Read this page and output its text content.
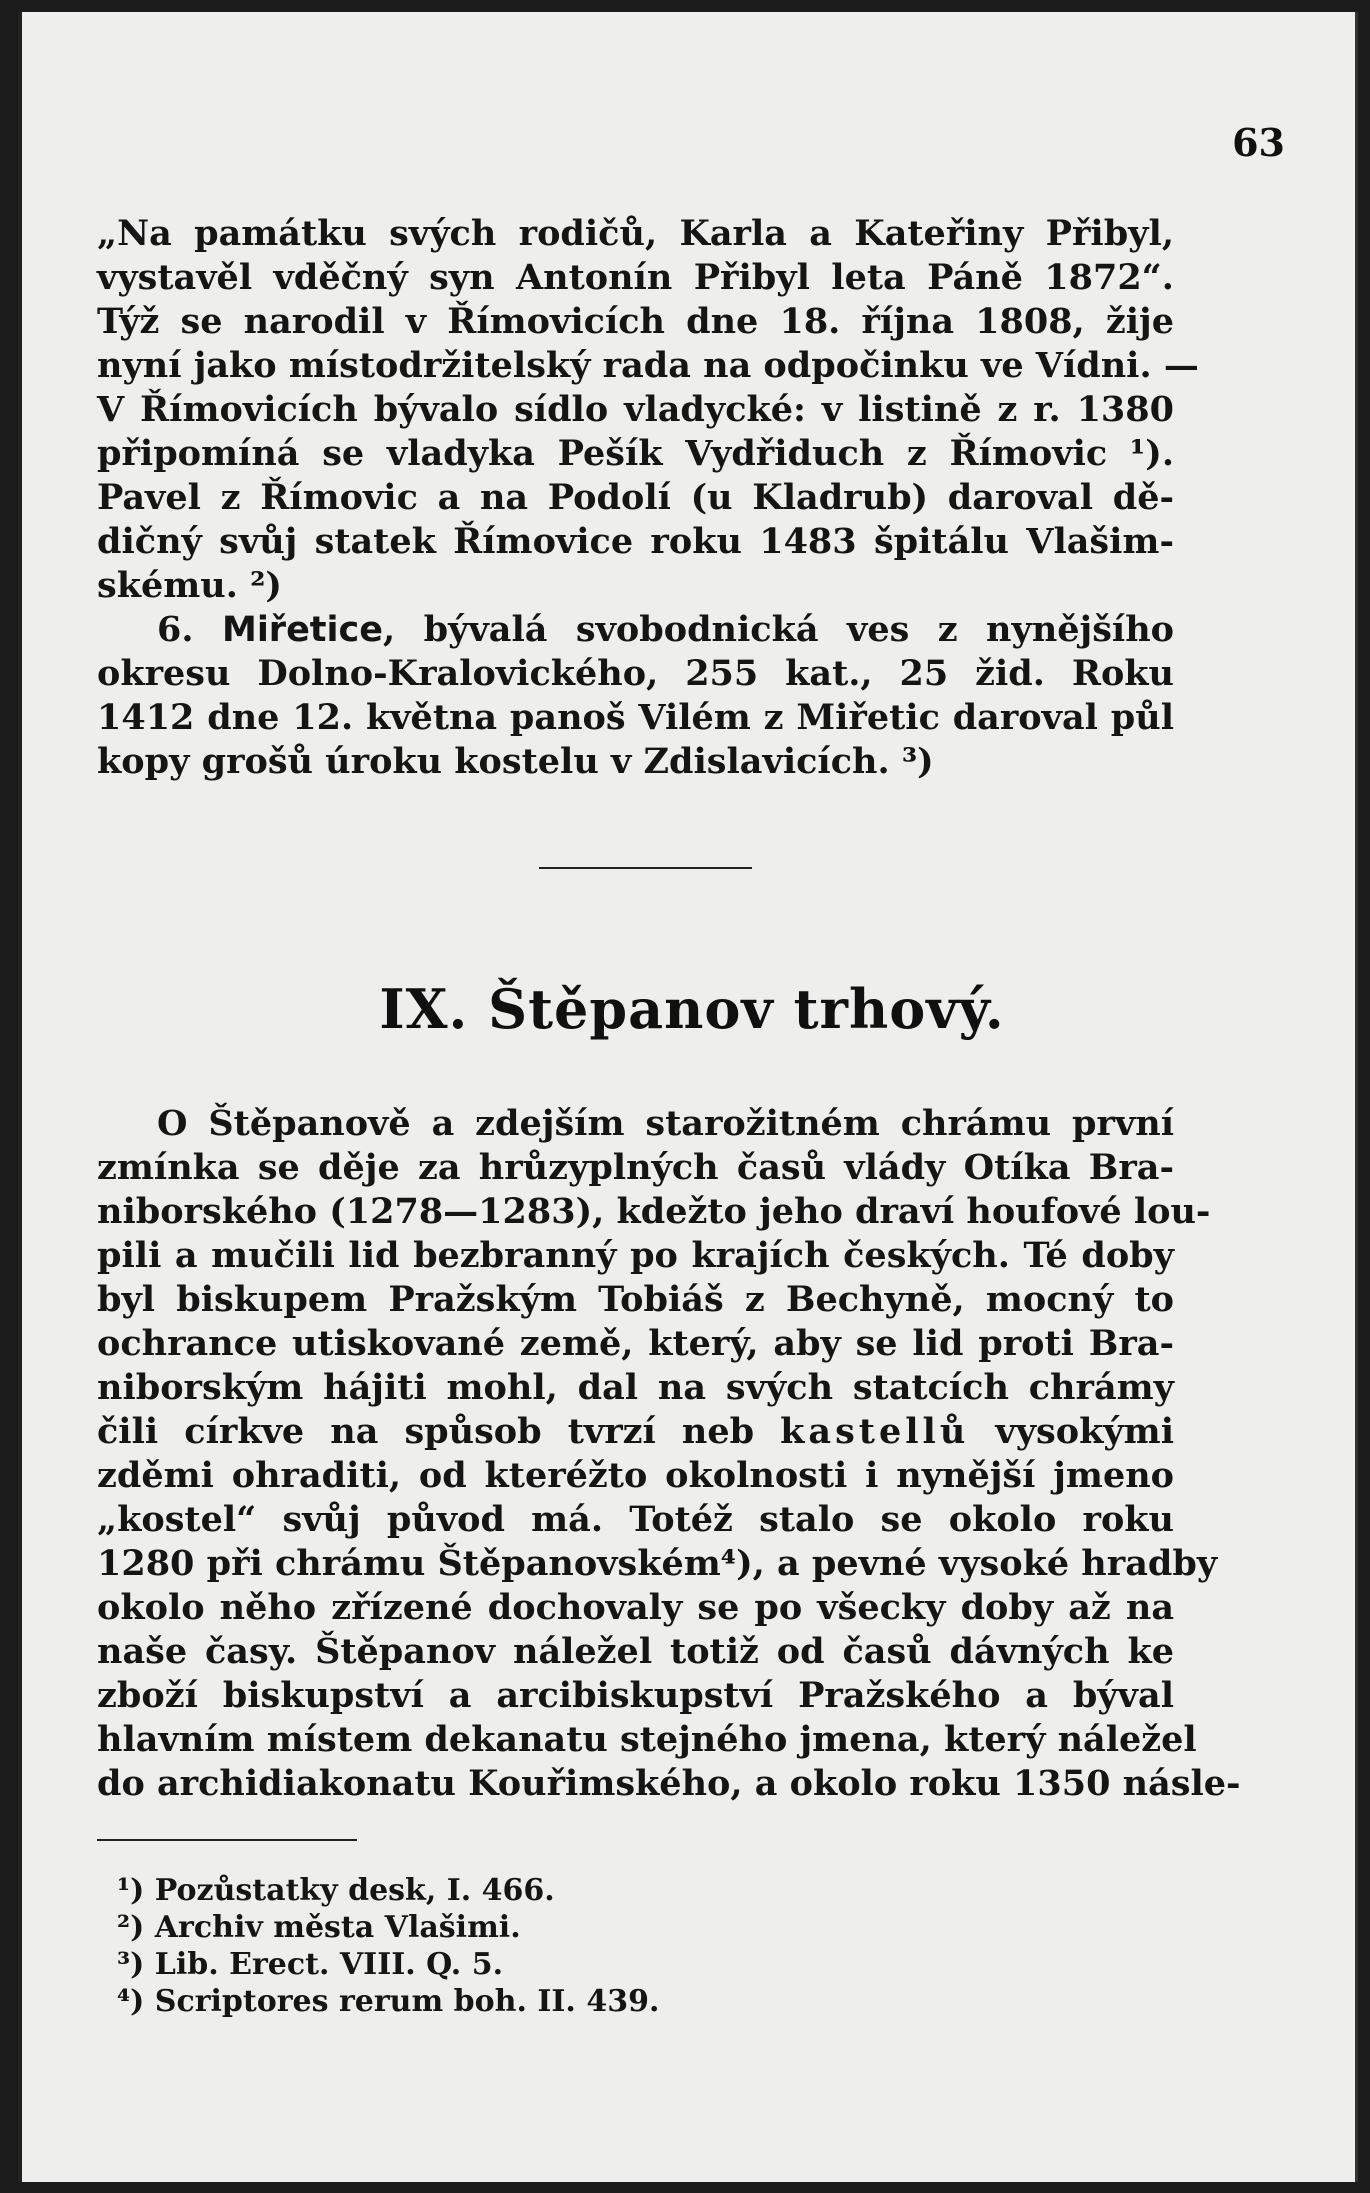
63
„Na památku svých rodičů, Karla a Kateřiny Přibyl,
vystavěl vděčný syn Antonín Přibyl leta Páně 1872“.
Týž se narodil v Římovicích dne 18. října 1808, žije
nyní jako místodržitelský rada na odpočinku ve Vídni. —
V Římovicích bývalo sídlo vladycké: v listině z r. 1380
připomíná se vladyka Pešík Vydřiduch z Římovic ¹).
Pavel z Římovic a na Podolí (u Kladrub) daroval dě-
dičný svůj statek Římovice roku 1483 špitálu Vlašim-
skému. ²)
6. Miřetice, bývalá svobodnická ves z nynějšího
okresu Dolno-Kralovického, 255 kat., 25 žid. Roku
1412 dne 12. května panoš Vilém z Miřetic daroval půl
kopy grošů úroku kostelu v Zdislavicích. ³)
IX. Štěpanov trhový.
O Štěpanově a zdejším starožitném chrámu první
zmínka se děje za hrůzyplných časů vlády Otíka Bra-
niborského (1278—1283), kdežto jeho draví houfové lou-
pili a mučili lid bezbranný po krajích českých. Té doby
byl biskupem Pražským Tobiáš z Bechyně, mocný to
ochrance utiskované země, který, aby se lid proti Bra-
niborským hájiti mohl, dal na svých statcích chrámy
čili církve na spůsob tvrzí neb kastellů vysokými
zděmi ohraditi, od kteréžto okolnosti i nynější jmeno
„kostel“ svůj původ má. Totéž stalo se okolo roku
1280 při chrámu Štěpanovském⁴), a pevné vysoké hradby
okolo něho zřízené dochovaly se po všecky doby až na
naše časy. Štěpanov náležel totiž od časů dávných ke
zboží biskupství a arcibiskupství Pražského a býval
hlavním místem dekanatu stejného jmena, který náležel
do archidiakonatu Kouřimského, a okolo roku 1350 násle-
¹) Pozůstatky desk, I. 466.
²) Archiv města Vlašimi.
³) Lib. Erect. VIII. Q. 5.
⁴) Scriptores rerum boh. II. 439.
